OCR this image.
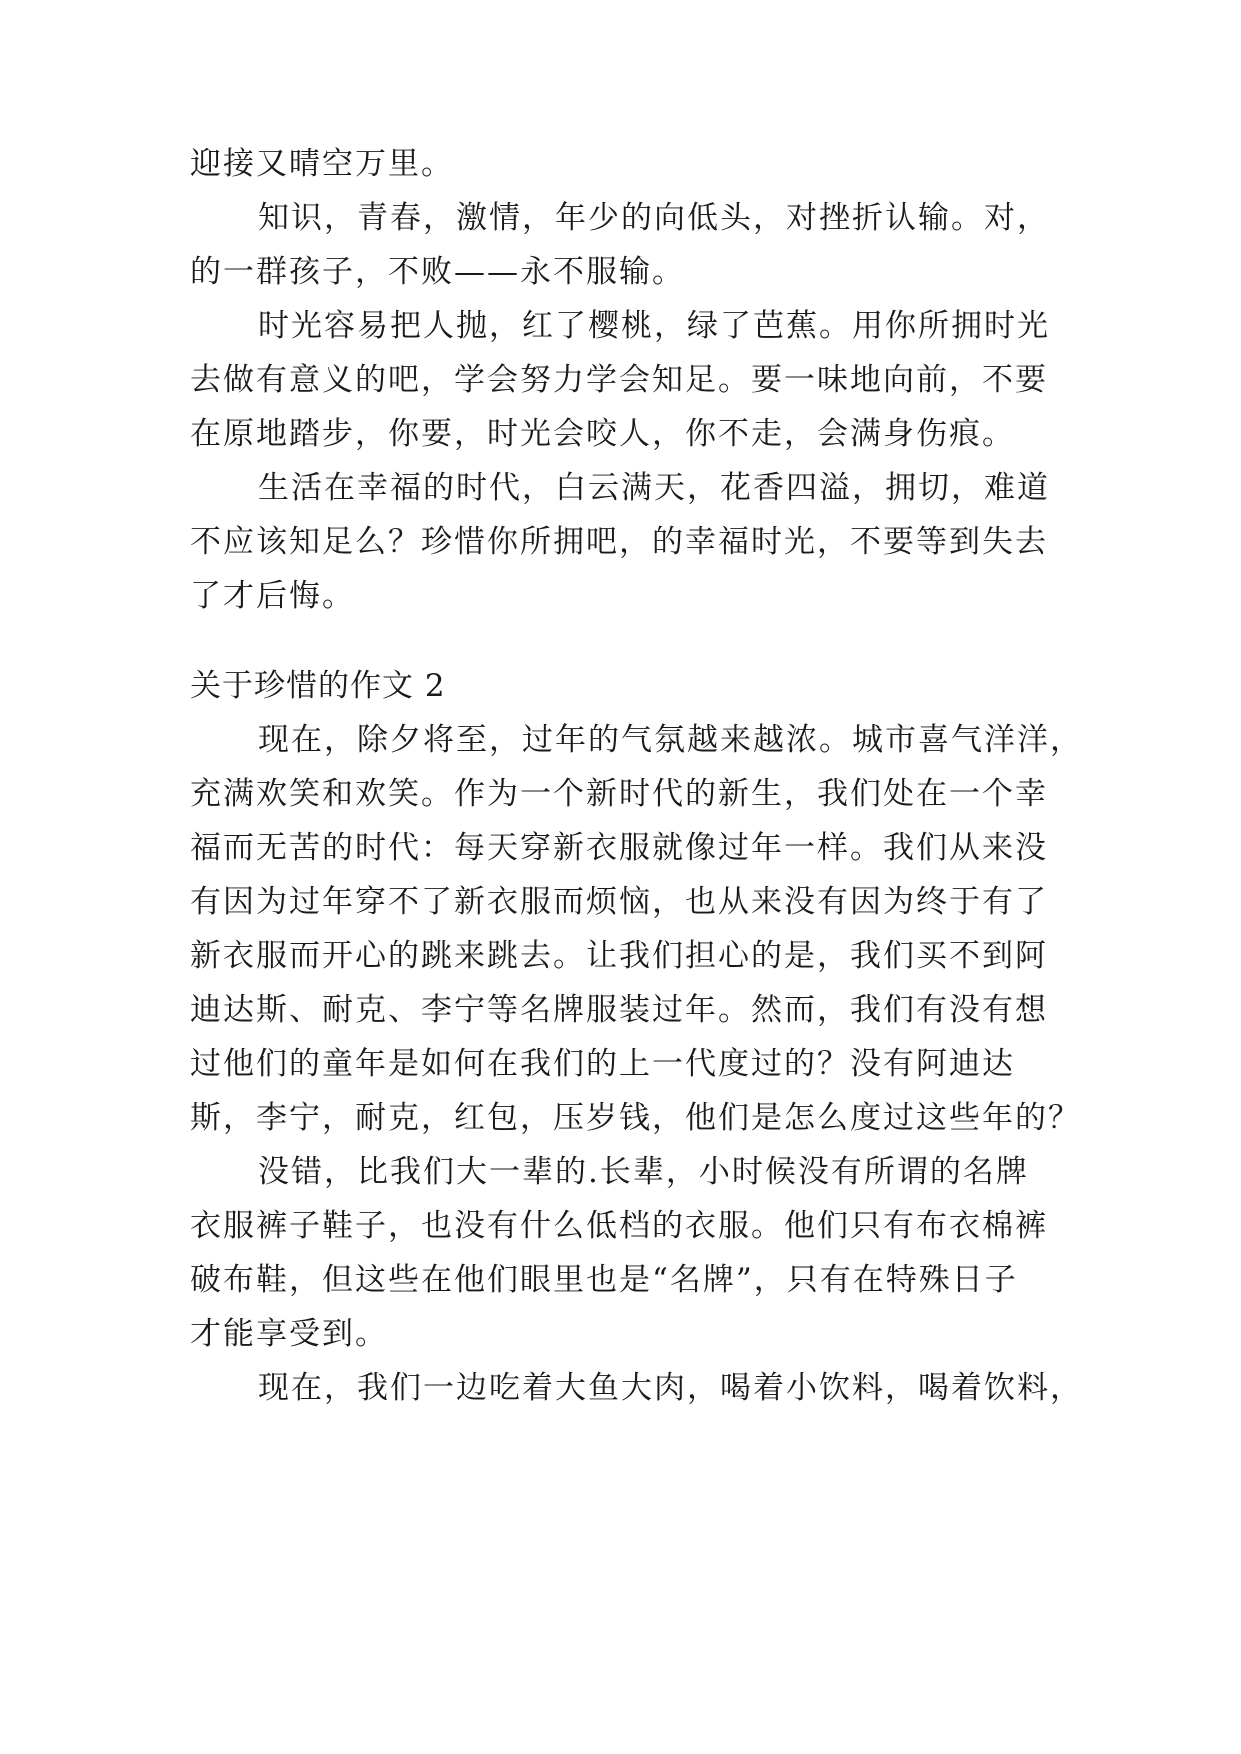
迎接又晴空万里。
知识，青春，激情，年少的向低头，对挫折认输。对，
的一群孩子，不败——永不服输。
时光容易把人抛，红了樱桃，绿了芭蕉。用你所拥时光
去做有意义的吧，学会努力学会知足。要一味地向前，不要
在原地踏步，你要，时光会咬人，你不走，会满身伤痕。
生活在幸福的时代，白云满天，花香四溢，拥切，难道
不应该知足么？珍惜你所拥吧，的幸福时光，不要等到失去
了才后悔。
关于珍惜的作文 2
现在，除夕将至，过年的气氛越来越浓。城市喜气洋洋，
充满欢笑和欢笑。作为一个新时代的新生，我们处在一个幸
福而无苦的时代：每天穿新衣服就像过年一样。我们从来没
有因为过年穿不了新衣服而烦恼，也从来没有因为终于有了
新衣服而开心的跳来跳去。让我们担心的是，我们买不到阿
迪达斯、耐克、李宁等名牌服装过年。然而，我们有没有想
过他们的童年是如何在我们的上一代度过的？没有阿迪达
斯，李宁，耐克，红包，压岁钱，他们是怎么度过这些年的？
没错，比我们大一辈的.长辈，小时候没有所谓的名牌
衣服裤子鞋子，也没有什么低档的衣服。他们只有布衣棉裤
破布鞋，但这些在他们眼里也是“名牌”，只有在特殊日子
才能享受到。
现在，我们一边吃着大鱼大肉，喝着小饮料，喝着饮料，
